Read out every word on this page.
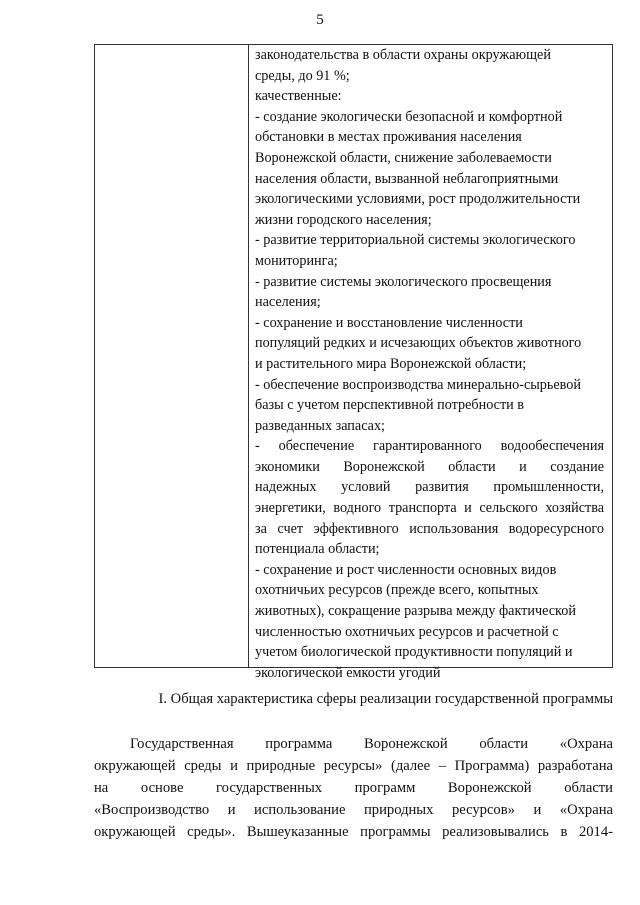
5

законодательства в области охраны окружающей

среды, до 91 %;

качественные:

- создание экологически безопасной и комфортной

обстановки в местах проживания населения

Воронежской области, снижение заболеваемости

населения области, вызванной неблагоприятными

экологическими условиями, рост продолжительности

жизни городского населения;

- развитие территориальной системы экологического

мониторинга;

- развитие системы экологического просвещения

населения;

- сохранение и восстановление численности

популяций редких и исчезающих объектов животного

и растительного мира Воронежской области;

- обеспечение воспроизводства минерально-сырьевой

базы с учетом перспективной потребности в

разведанных запасах;

- обеспечение гарантированного водообеспечения

экономики Воронежской области и создание

надежных условий развития промышленности,

энергетики, водного транспорта и сельского хозяйства

за счет эффективного использования водоресурсного

потенциала области;

- сохранение и рост численности основных видов

охотничьих ресурсов (прежде всего, копытных

животных), сокращение разрыва между фактической

численностью охотничьих ресурсов и расчетной с

учетом биологической продуктивности популяций и

экологической емкости угодий

I. Общая характеристика сферы реализации государственной программы
Государственная программа Воронежской области «Охрана
окружающей среды и природные ресурсы» (далее – Программа) разработана
на основе государственных программ Воронежской области
«Воспроизводство и использование природных ресурсов» и «Охрана
окружающей среды». Вышеуказанные программы реализовывались в 2014-
